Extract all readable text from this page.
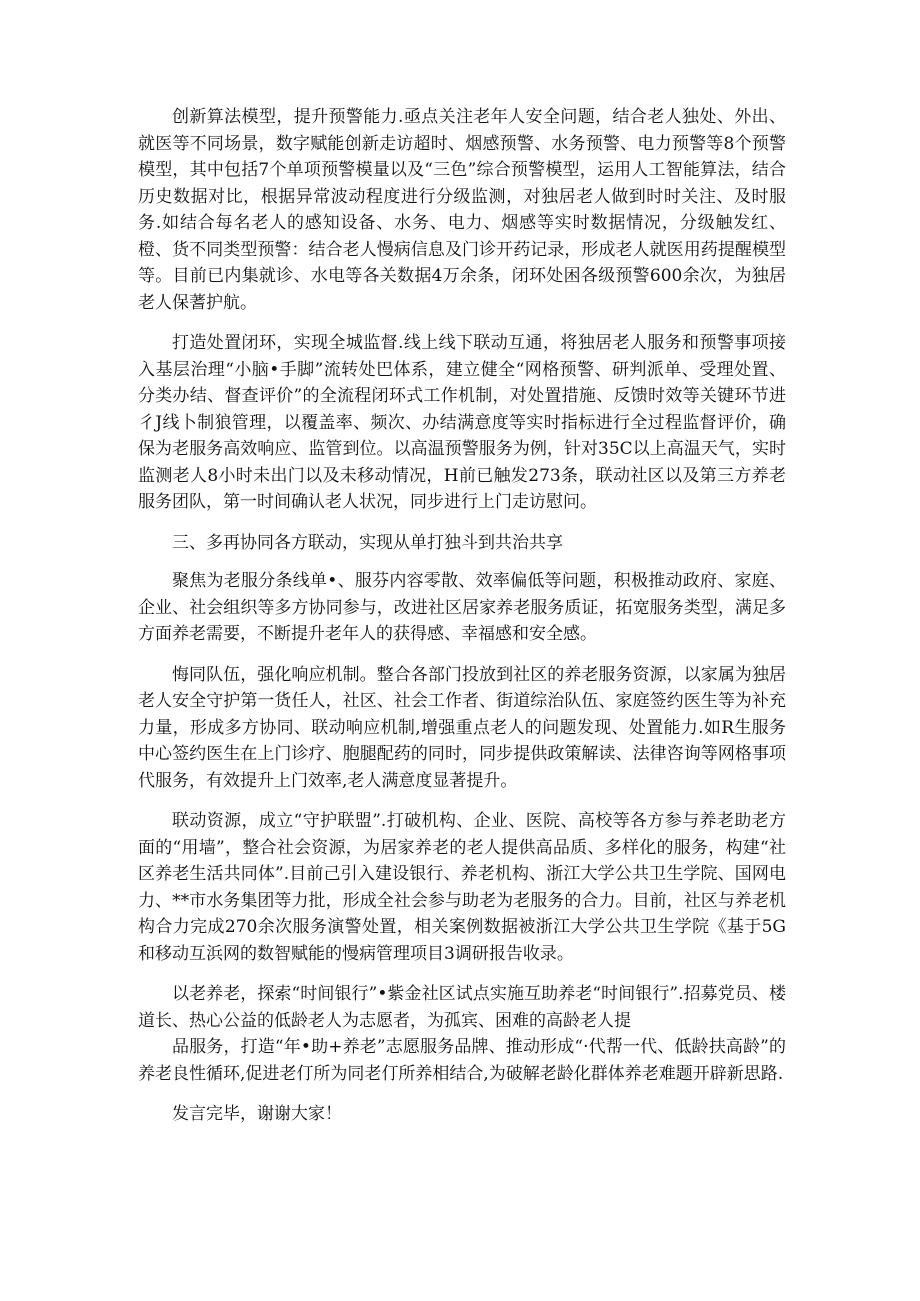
创新算法模型，提升预警能力.亟点关注老年人安全问题，结合老人独处、外出、就医等不同场景，数字赋能创新走访超时、烟感预警、水务预警、电力预警等8个预警模型，其中包括7个单项预警模量以及“三色”综合预警模型，运用人工智能算法，结合历史数据对比，根据异常波动程度进行分级监测，对独居老人做到时时关注、及时服务.如结合每名老人的感知设备、水务、电力、烟感等实时数据情况，分级触发红、橙、货不同类型预警：结合老人慢病信息及门诊开药记录，形成老人就医用药提醒模型等。目前已内集就诊、水电等各关数据4万余条，闭环处困各级预警600余次，为独居老人保蓍护航。

打造处置闭环，实现全城监督.线上线下联动互通，将独居老人服务和预警事项接入基层治理“小脑•手脚”流转处巴体系，建立健全“网格预警、研判派单、受理处置、分类办结、督查评价”的全流程闭环式工作机制，对处置措施、反馈时效等关键环节进彳J线卜制狼管理，以覆盖率、频次、办结满意度等实时指标进行全过程监督评价，确保为老服务高效响应、监管到位。以高温预警服务为例，针对35C以上高温天气，实时监测老人8小时未出门以及未移动情况，H前已触发273条，联动社区以及第三方养老服务团队，第一时间确认老人状况，同步进行上门走访慰问。

三、多再协同各方联动，实现从单打独斗到共治共享

聚焦为老服分条线单•、服芬内容零散、效率偏低等问题，积极推动政府、家庭、企业、社会组织等多方协同参与，改进社区居家养老服务质证，拓宽服务类型，满足多方面养老需要，不断提升老年人的获得感、幸福感和安全感。

悔同队伍，强化响应机制。整合各部门投放到社区的养老服务资源，以家属为独居老人安全守护第一货任人，社区、社会工作者、街道综治队伍、家庭签约医生等为补充力量，形成多方协同、联动响应机制,增强重点老人的问题发现、处置能力.如R生服务中心签约医生在上门诊疗、胞腿配药的同时，同步提供政策解读、法律咨询等网格事项代服务，有效提升上门效率,老人满意度显著提升。

联动资源，成立“守护联盟”.打破机构、企业、医院、高校等各方参与养老助老方面的“用墙”，整合社会资源，为居家养老的老人提供高品质、多样化的服务，构建“社区养老生活共同体”.目前己引入建设银行、养老机构、浙江大学公共卫生学院、国网电力、**市水务集团等力批，形成全社会参与助老为老服务的合力。目前，社区与养老机构合力完成270余次服务演警处置，相关案例数据被浙江大学公共卫生学院《基于5G和移动互浜网的数智赋能的慢病管理项目3调研报告收录。

以老养老，探索“时间银行”•紫金社区试点实施互助养老“时间银行”.招募党员、楼道长、热心公益的低龄老人为志愿者，为孤宾、困难的高龄老人提

品服务，打造“年•助+养老”志愿服务品牌、推动形成“·代帮一代、低龄扶高龄”的养老良性循环,促进老仃所为同老仃所养相结合,为破解老龄化群体养老难题开辟新思路.

发言完毕，谢谢大家！
